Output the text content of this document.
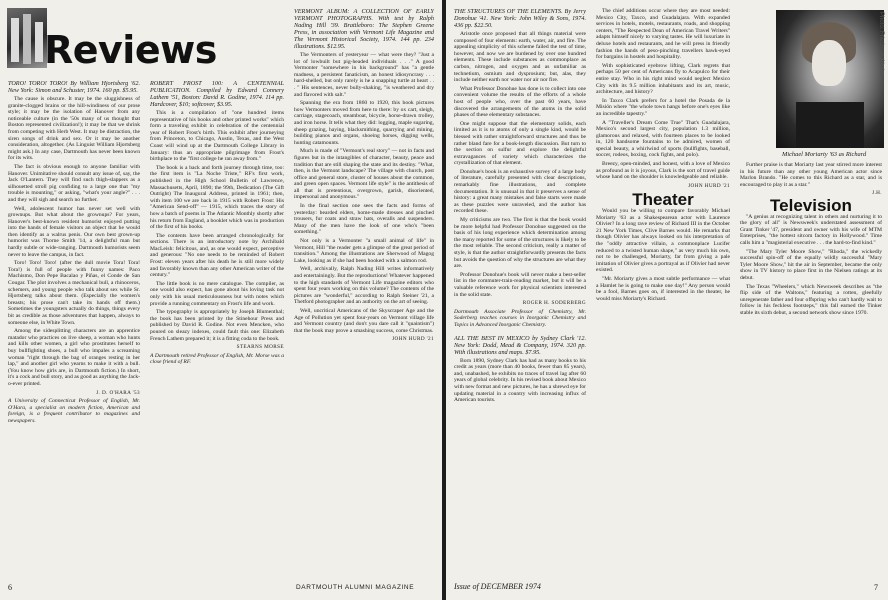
Reviews

TORO! TORO! TORO! By William Hjortsberg '62. New York: Simon and Schuster, 1974. 160 pp. $5.95.

The cause is obscure. It may be the sluggishness of granite-clogged brains or the hill-windiness of our prose style; it may be the isolation of Hanover from any noticeable culture (in the '50s many of us thought that Boston represented civilization!); it may be that we shrink from competing with Herb West. It may be distraction, the siren songs of drink and sex. Or it may be another consideration, altogether. (As Linguist William Hjortsberg might ask.) In any case, Dartmouth has never been known for its wits.

The fact is obvious enough to anyone familiar with Hanover. Unimitative should consult any issue of, say, the Jack O'Lantern. They will find such thigh-slappers as a silhouetted stroll pig confiding to a large one that "my trouble is mounting," or asking, "what's your angle?" . . . and they will sigh and search no further.

Well, adolescent humor has never set well with grownups. But what about the grownups? For years, Hanover's best-known resident humorist enjoyed putting into the hands of female visitors an object that he would then identify as a walrus penis. Our own best grown-up humorist was Thorne Smith '14, a delightful man but hardly subtle or wide-ranging. Dartmouth humorists seem never to leave the campus, in fact.

Toro! Toro! Toro! (after the dull movie Tora! Tora! Tora!) is full of people with funny names: Paco Machismo, Don Pepe Bacalao y Piñas, el Conde de San Cougar. The plot involves a mechanical bull, a rhinoceros, schemers, and young people who talk about sex while Sr. Hjortsberg talks about them. (Especially the women's breasts; his prose can't take its hands off them.) Sometimes the youngsters actually do things, things every bit as credible as those adventures that happen, always to someone else, in White Town.

Among the sidesplitting characters are an apprentice matador who practices on live sheep, a woman who hunts and kills other women, a girl who prostitutes herself to buy bullfighting shoes, a bull who impales a screaming woman "right through the bag of oranges resting in her lap," and another girl who yearns to make it with a bull. (You know how girls are, in Dartmouth fiction.) In short, it's a cock and bull story, and as good as anything the Jack-o-ever printed.

J. D. O'HARA '53

A University of Connecticut Professor of English, Mr. O'Hara, a specialist on modern fiction, American and foreign, is a frequent contributor to magazines and newspapers.

ROBERT FROST 100: A CENTENNIAL PUBLICATION. Compiled by Edward Connery Lathem '51, Boston: David R. Godine, 1974. 114 pp. Hardcover, $10; softcover, $3.95.

This is a compilation of "one hundred items representative of his books and other printed works" which form a traveling exhibit in celebration of the centennial year of Robert Frost's birth. This exhibit after journeying from Princeton, to Chicago, Austin, Texas, and the West Coast will wind up at the Dartmouth College Library in January: thus an appropriate pilgrimage from Frost's birthplace to the "first college he ran away from."

The book is a back and forth journey through time, too: the first item is "La Noche Triste," RF's first work, published in the High School Bulletin of Lawrence, Massachusetts, April, 1890; the 99th, Dedication (The Gift Outright) The Inaugural Address, printed in 1961; then, with item 100 we are back in 1915 with Robert Frost: His "American Send-off" — 1915, which traces the story of how a batch of poems in The Atlantic Monthly shortly after his return from England, a booklet which was in production of the first of his books.

The contents have been arranged chronologically for sections. There is an introductory note by Archibald MacLeish: felicitous, and, as one would expect, perceptive and generous: "No one needs to be reminded of Robert Frost: eleven years after his death he is still more widely and favorably known than any other American writer of the century."

The little book is no mere catalogue. The compiler, as one would also expect, has gone about his loving task not only with his usual meticulousness but with notes which provide a running commentary on Frost's life and work.

The typography is appropriately by Joseph Blumenthal; the book has been printed by the Stinehour Press and published by David R. Godine. Not even Mencken, who poured on sleazy indexes, could fault this one: Elizabeth French Lathem prepared it; it is a fitting coda to the book.

STEARNS MORSE

A Dartmouth retired Professor of English, Mr. Morse was a close friend of RF.

VERMONT ALBUM: A COLLECTION OF EARLY VERMONT PHOTOGRAPHS. With text by Ralph Nading Hill '39. Brattleboro: The Stephen Greene Press, in association with Vermont Life Magazine and The Vermont Historical Society, 1974. 144 pp. 234 illustrations. $12.95.

The Vermonters of yesteryear — what were they? "Just a lot of lowbuilt but pig-headed individuals . . ." A good Vermonter "somewhere in his background" has "a gentle madness, a persistent fanaticism, an honest idiosyncrasy . . . hard-shelled, but only rarely is he a snapping turtle at heart . . . " His sentences, never bully-shaking, "is weathered and dry and flavored with salt."

Spanning the era from 1860 to 1920, this book pictures how Vermonters moved from here to there: by ox cart, sleigh, carriage, stagecoach, steamboat, bicycle, horse-drawn trolley, and iron horse. It tells what they did: logging, maple sugaring, sheep grazing, haying, blacksmithing, quarrying and mining, building pianos and organs, shoeing horses, digging wells, hunting catamounts.

Much is made of "Vermont's real story" — not in facts and figures but in the intangibles of character, beauty, peace and tradition that are still shaping the state and its destiny. "What, then, is the Vermont landscape? The village with church, post office and general store, cluster of houses about the common, and green open spaces. Vermont life style" is the antithesis of all that is pretentious, overgrown, garish, disoriented, impersonal and anonymous."

In the final section one sees the facts and forms of yesterday: bearded elders, home-made dresses and pinched trousers, fur coats and straw hats, overalls and suspenders. Many of the men have the look of one who's "been something."

Not only is a Vermonter "a small animal of life" in Vermont, Hill "the reader gets a glimpse of the great period of transition." Among the illustrations are Sherwood of Magog Lake, looking as if she had been hooked with a salmon rod.

Well, archivally, Ralph Nading Hill writes informatively and entertainingly. But the reproductions! Whatever happened to the high standards of Vermont Life magazine editors who spent four years working on this volume? The contents of the pictures are "wonderful," according to Ralph Steiner '21, a Thetford photographer and an authority on the art of seeing.

Well, uncritical Americans of the Skyscraper Age and the Age of Pollution yet spent four-years on Vermont village life and Vermont country (and don't you dare call it "quaintism") that the book may prove a smashing success, come Christmas.

JOHN HURD '21

6	DARTMOUTH ALUMNI MAGAZINE

THE STRUCTURES OF THE ELEMENTS. By Jerry Donohue '41. New York: John Wiley & Sons, 1974. 436 pp. $22.50.

Aristotle once proposed that all things material were composed of four elements: earth, water, air, and fire. The appealing simplicity of this scheme failed the test of time, however, and now we are burdened by over one hundred elements. These include substances as commonplace as carbon, nitrogen, and oxygen and as unfamiliar as technetium, osmium and dysprosium; but, alas, they include neither earth nor water nor air nor fire.

What Professor Donohue has done is to collect into one convenient volume the results of the efforts of a whole host of people who, over the past 60 years, have discovered the arrangements of the atoms in the solid phases of these elementary substances.

One might suppose that the elementary solids, each limited as it is to atoms of only a single kind, would be blessed with rather straightforward structures and thus be rather bland fare for a book-length discussion. But turn to the section on sulfur and explore the delightful extravagances of variety which characterizes the crystallization of that element.

Donohue's book is an exhaustive survey of a large body of literature, carefully presented with clear descriptions, remarkably fine illustrations, and complete documentation. It is unusual in that it preserves a sense of history: a great many mistakes and false starts were made as these puzzles were unraveled, and the author has recorded these.

My criticisms are two. The first is that the book would be more helpful had Professor Donohue suggested on the basis of his long experience which determination among the many reported for some of the structures is likely to be the most reliable. The second criticism, really a matter of style, is that the author straightforwardly presents the facts but avoids the question of why the structures are what they are.

Professor Donohue's book will never make a best-seller list in the commuter-train-reading market, but it will be a valuable reference work for physical scientists interested in the solid state.

ROGER H. SODERBERG

Dartmouth Associate Professor of Chemistry, Mr. Soderberg teaches courses in Inorganic Chemistry and Topics in Advanced Inorganic Chemistry.

ALL THE BEST IN MEXICO by Sydney Clark '12. New York: Dodd, Mead & Company, 1974. 320 pp. With illustrations and maps. $7.95.

Born 1890, Sydney Clark has had as many books to his credit as years (more than 40 books, fewer than 85 years), and, unabashed, he exhibits no traces of travel lag after 60 years of global celebrity. In his revised book about Mexico with new format and new pictures, he has a shrewd eye for updating material in a country with increasing influx of American tourists.

The chief additions occur where they are most needed: Mexico City, Taxco, and Guadalajara. With expanded services in hotels, motels, restaurants, roads, and shopping centers, "The Respected Dean of American Travel Writers" adapts himself nicely to varying tastes. He will luxuriate in deluxe hotels and restaurants, and he will press in friendly fashion the hands of peso-pinching travellers hawk-eyed for bargains in hostels and hospitality.

With sophisticated eyebrow lifting, Clark regrets that perhaps 50 per cent of Americans fly to Acapulco for their entire stay. Who in his right mind would neglect Mexico City with its 9.5 million inhabitants and its art, music, architecture, and history?

In Taxco Clark prefers for a hotel the Posada de la Misión where "the whole town hangs before one's eyes like an incredible tapestry."

A "Traveller's Dream Come True" That's Guadalajara, Mexico's second largest city, population 1.3 million, glamorous and relaxed, with fourteen places to be looked in, 120 handsome fountains to be admired, women of special beauty, a whirlwind of sports (bullfights, baseball, soccer, rodeos, boxing, cock fights, and polo).

Breezy, open-minded, and honest, with a love of Mexico as profound as it is joyous, Clark is the sort of travel guide whose hand on the shoulder is knowledgeable and reliable.

JOHN HURD '21

Theater

Would you be willing to compare favorably Michael Moriarty '63 as a Shakespearean actor with Laurence Olivier? In a long rave review of Richard III in the October 21 New York Times, Clive Barnes would. He remarks that though Olivier has always looked on his interpretation of the "oddly attractive villain, a commonplace Lucifer reduced to a twisted human shape," as very much his own, not to be challenged, Moriarty, far from giving a pale imitation of Olivier gives a portrayal as if Olivier had never existed.

"Mr. Moriarty gives a most subtle performance — what a Hamlet he is going to make one day!" Any person would be a fool, Barnes goes on, if interested in the theater, he would miss Moriarty's Richard.

Photo: Friedman-Abeles

Michael Moriarty '63 as Richard

Further praise is that Moriarty last year stirred more interest in his future than any other young American actor since Marlon Brando. "He comes to this Richard as a star, and is encouraged to play it as a star."

J.H.

Television

"A genius at recognizing talent in others and nurturing it to the glory of all" is Newsweek's understated assessment of Grant Tinker '47, president and owner with his wife of MTM Enterprises, "the hottest sitcom factory in Hollywood." Time calls him a "magisterial executive . . . the hard-to-find kind."

"The Mary Tyler Moore Show," "Rhoda," the wickedly successful spin-off of the equally wildly successful "Mary Tyler Moore Show," hit the air in September, became the only show in TV history to place first in the Nielsen ratings at its debut.

The Texas "Wheelers," which Newsweek describes as "the flip side of the Waltons," featuring a rotten, gleefully unregenerate father and four offspring who can't hardly wait to follow in his feckless footsteps," this fall earned the Tinker stable its sixth debut, a second network show since 1970.

Issue of DECEMBER 1974	7
